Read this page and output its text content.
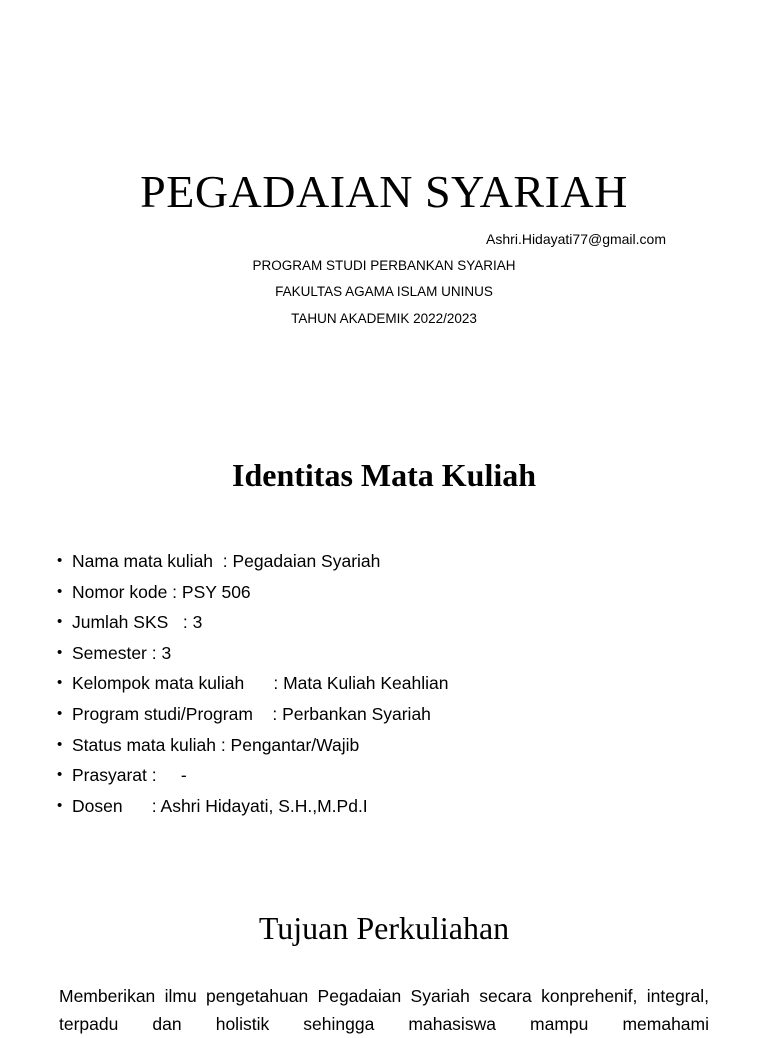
PEGADAIAN SYARIAH
Ashri.Hidayati77@gmail.com
PROGRAM STUDI PERBANKAN SYARIAH
FAKULTAS AGAMA ISLAM UNINUS
TAHUN AKADEMIK 2022/2023
Identitas Mata Kuliah
• Nama mata kuliah  : Pegadaian Syariah
• Nomor kode : PSY 506
• Jumlah SKS   : 3
• Semester : 3
• Kelompok mata kuliah      : Mata Kuliah Keahlian
• Program studi/Program    : Perbankan Syariah
• Status mata kuliah : Pengantar/Wajib
• Prasyarat :     -
• Dosen      : Ashri Hidayati, S.H.,M.Pd.I
Tujuan Perkuliahan

Memberikan ilmu pengetahuan Pegadaian Syariah secara konprehenif, integral, terpadu dan holistik sehingga mahasiswa mampu memahami
